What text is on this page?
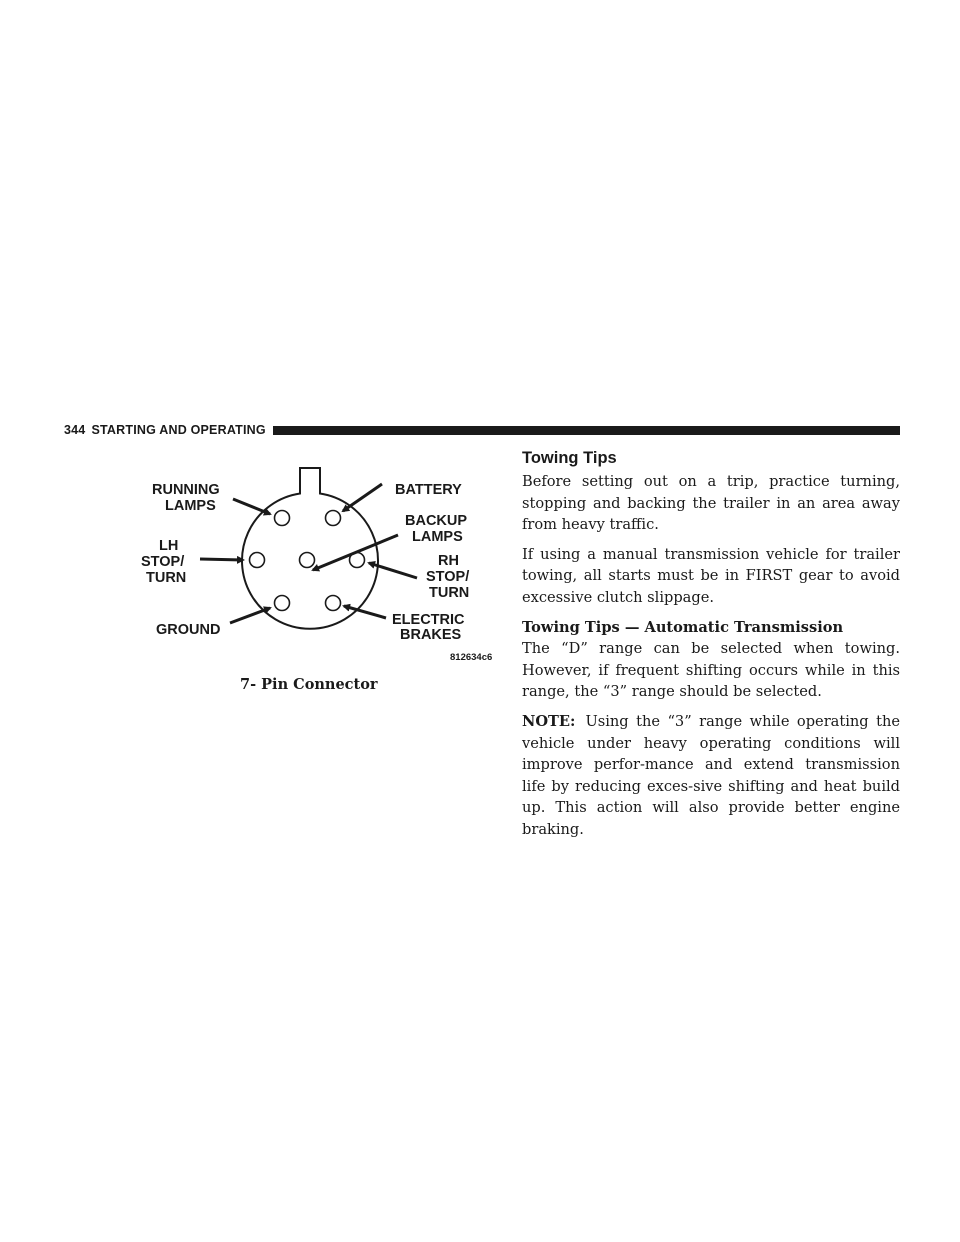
344 STARTING AND OPERATING
RUNNING
LAMPS
LH
STOP/
TURN
GROUND
BATTERY
BACKUP
LAMPS
RH
STOP/
TURN
ELECTRIC
BRAKES
812634c6
7- Pin Connector
Towing Tips

Before setting out on a trip, practice turning, stopping and backing the trailer in an area away from heavy traffic.

If using a manual transmission vehicle for trailer towing, all starts must be in FIRST gear to avoid excessive clutch slippage.

Towing Tips — Automatic Transmission

The “D” range can be selected when towing. However, if frequent shifting occurs while in this range, the “3” range should be selected.

NOTE: Using the “3” range while operating the vehicle under heavy operating conditions will improve perfor-mance and extend transmission life by reducing exces-sive shifting and heat build up. This action will also provide better engine braking.
